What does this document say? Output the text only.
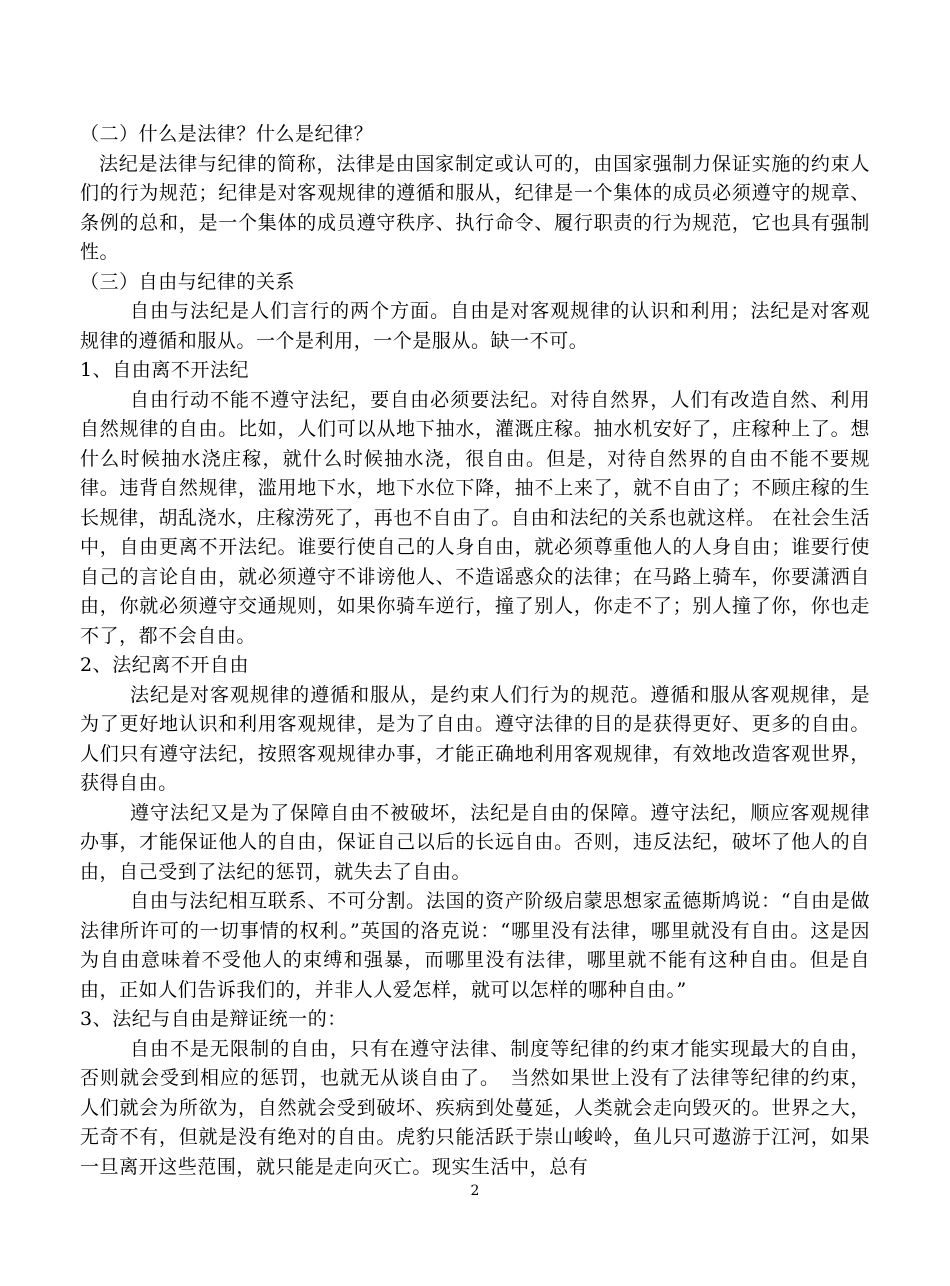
（二）什么是法律？什么是纪律？

法纪是法律与纪律的简称，法律是由国家制定或认可的，由国家强制力保证实施的约束人们的行为规范；纪律是对客观规律的遵循和服从，纪律是一个集体的成员必须遵守的规章、条例的总和，是一个集体的成员遵守秩序、执行命令、履行职责的行为规范，它也具有强制性。

（三）自由与纪律的关系

自由与法纪是人们言行的两个方面。自由是对客观规律的认识和利用；法纪是对客观规律的遵循和服从。一个是利用，一个是服从。缺一不可。

1、自由离不开法纪

自由行动不能不遵守法纪，要自由必须要法纪。对待自然界，人们有改造自然、利用自然规律的自由。比如，人们可以从地下抽水，灌溉庄稼。抽水机安好了，庄稼种上了。想什么时候抽水浇庄稼，就什么时候抽水浇，很自由。但是，对待自然界的自由不能不要规律。违背自然规律，滥用地下水，地下水位下降，抽不上来了，就不自由了；不顾庄稼的生长规律，胡乱浇水，庄稼涝死了，再也不自由了。自由和法纪的关系也就这样。 在社会生活中，自由更离不开法纪。谁要行使自己的人身自由，就必须尊重他人的人身自由；谁要行使自己的言论自由，就必须遵守不诽谤他人、不造谣惑众的法律；在马路上骑车，你要潇洒自由，你就必须遵守交通规则，如果你骑车逆行，撞了别人，你走不了；别人撞了你，你也走不了，都不会自由。

2、法纪离不开自由

法纪是对客观规律的遵循和服从，是约束人们行为的规范。遵循和服从客观规律，是为了更好地认识和利用客观规律，是为了自由。遵守法律的目的是获得更好、更多的自由。人们只有遵守法纪，按照客观规律办事，才能正确地利用客观规律，有效地改造客观世界，获得自由。

遵守法纪又是为了保障自由不被破坏，法纪是自由的保障。遵守法纪，顺应客观规律办事，才能保证他人的自由，保证自己以后的长远自由。否则，违反法纪，破坏了他人的自由，自己受到了法纪的惩罚，就失去了自由。

自由与法纪相互联系、不可分割。法国的资产阶级启蒙思想家孟德斯鸠说：“自由是做法律所许可的一切事情的权利。”英国的洛克说：“哪里没有法律，哪里就没有自由。这是因为自由意味着不受他人的束缚和强暴，而哪里没有法律，哪里就不能有这种自由。但是自由，正如人们告诉我们的，并非人人爱怎样，就可以怎样的哪种自由。”

3、法纪与自由是辩证统一的：

自由不是无限制的自由，只有在遵守法律、制度等纪律的约束才能实现最大的自由，否则就会受到相应的惩罚，也就无从谈自由了。　当然如果世上没有了法律等纪律的约束，人们就会为所欲为，自然就会受到破坏、疾病到处蔓延，人类就会走向毁灭的。世界之大，无奇不有，但就是没有绝对的自由。虎豹只能活跃于崇山峻岭，鱼儿只可遨游于江河，如果一旦离开这些范围，就只能是走向灭亡。现实生活中，总有

2
